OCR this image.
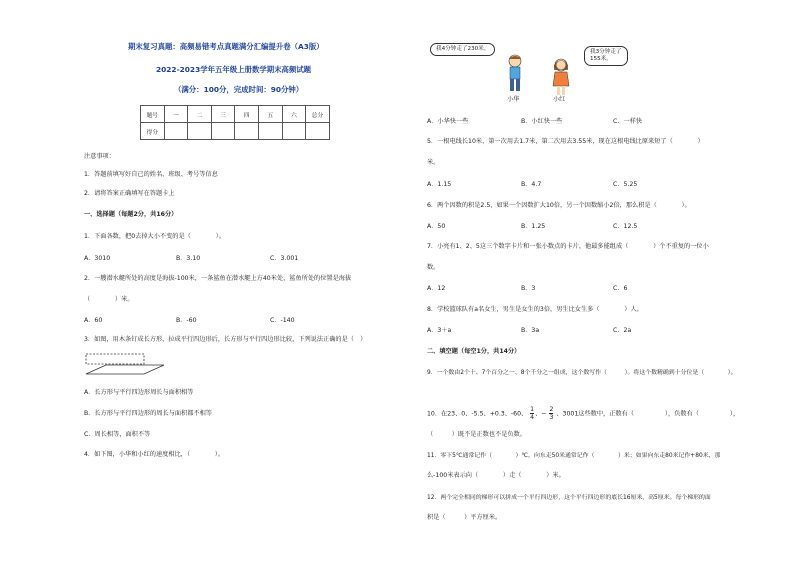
期末复习真题：高频易错考点真题满分汇编提升卷（A3版）
2022-2023学年五年级上册数学期末高频试题
（满分：100分，完成时间：90分钟）
题号	一	二	三	四	五	六	总分
得分							
注意事项：
1．答题前填写好自己的姓名、班级、考号等信息
2．请将答案正确填写在答题卡上
一、选择题（每题2分，共16分）
1．下面各数，把0去掉大小不变的是（　　　　）。
A．3010	B．3.10	C．3.001
2．一艘潜水艇所处的高度是海拔-100米，一条鲨鱼在潜水艇上方40米处，鲨鱼所处的位置是海拔
（　　　　）米。
A．60	B．-60	C．-140
3．如图，用木条钉成长方形，拉成平行四边形后，长方形与平行四边形比较，下列说法正确的是（　）
A．长方形与平行四边形周长与面积相等
B．长方形与平行四边形的周长与面积都不相等
C．周长相等，面积不等
4．如下图，小华和小红的速度相比，（　　　　）。
我4分钟走了230米。	我3分钟走了
155米。
小华	小红
A．小华快一些	B．小红快一些	C．一样快
5．一根电线长10米，第一次用去1.7米，第二次用去3.55米，现在这根电线比原来短了（　　　　）
米。
A．1.15	B．4.7	C．5.25
6．两个因数的积是2.5，如果一个因数扩大10倍，另一个因数缩小2倍，那么积是（　　　　）。
A．50	B．1.25	C．12.5
7．小亮有1、2、5这三个数字卡片和一张小数点的卡片，他最多能组成（　　　　）个不重复的一位小
数。
A．12	B．3	C．6
8．学校篮球队有a名女生，男生是女生的3倍，男生比女生多（　　　　）人。
A．3＋a	B．3a	C．2a
二、填空题（每空1分，共14分）
9．一个数由2个十、7个百分之一、8个千分之一组成，这个数写作（　　　）。将这个数精确到十分位是（　　　　）。
10．在23、0、-5.5、+0.3、-60、 $\frac{1}{4}$ 、− $\frac{2}{3}$ 、3001这些数中，正数有（　　　　　），负数有（　　　　　），
（　　　）既不是正数也不是负数。
11．零下5℃通常记作（　　　　）℃，向东走50米通常记作（　　　　）米；如果向东走80米记作+80米，那
么-100米表示向（　　　　）走（　　　　）米。
12．两个完全相同的梯形可以拼成一个平行四边形，这个平行四边形的底长16厘米，高5厘米。每个梯形的面
积是（　　　）平方厘米。
